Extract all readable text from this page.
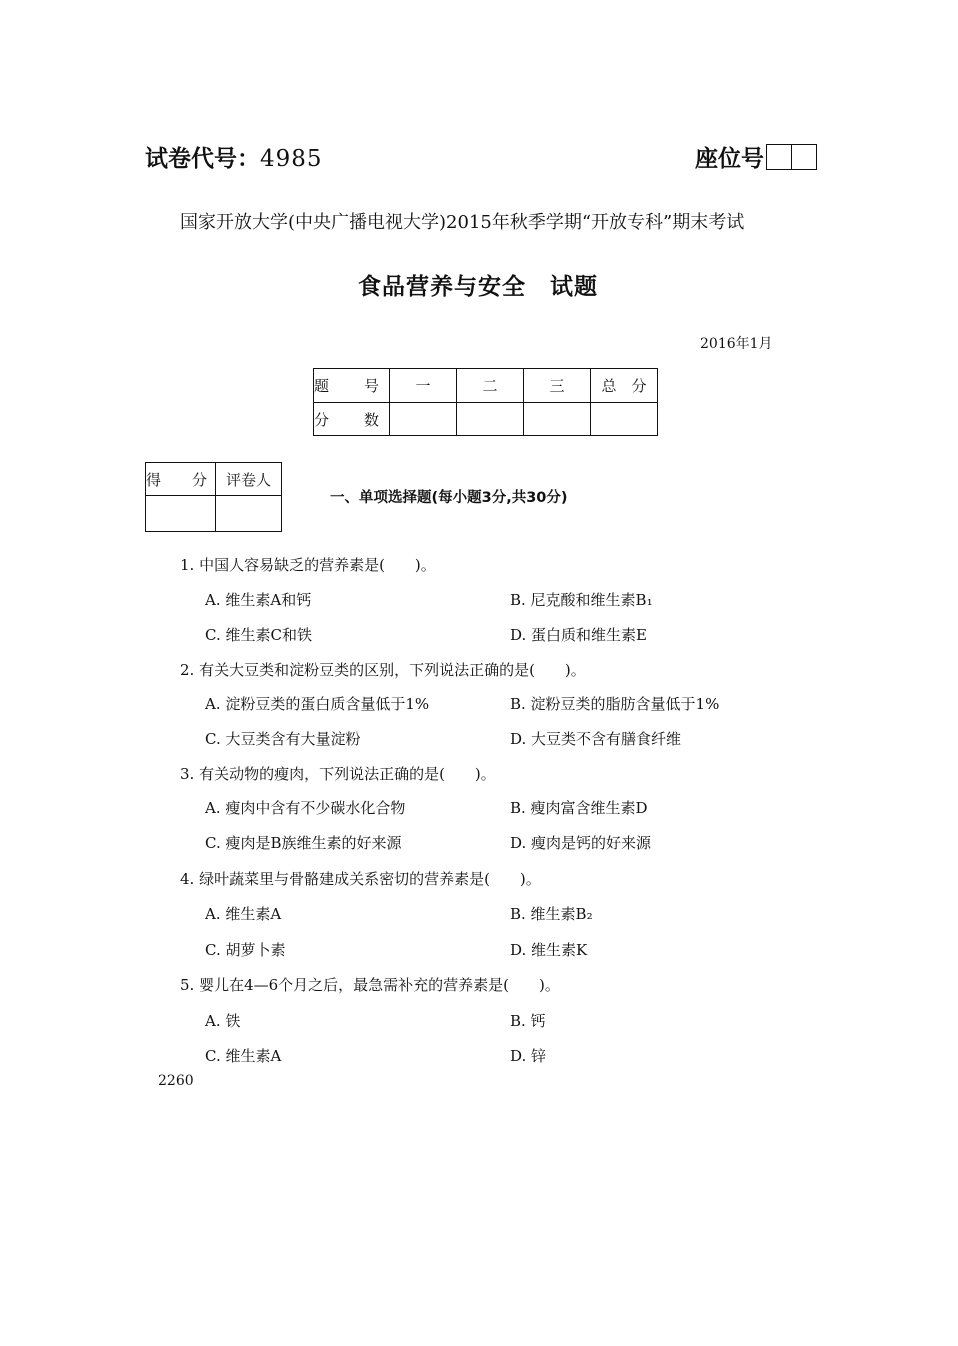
试卷代号：4985	座位号
国家开放大学(中央广播电视大学)2015年秋季学期“开放专科”期末考试
食品营养与安全　试题
2016年1月
题　号	一	二	三	总　分
分　数				
得　分	评卷人

一、单项选择题(每小题3分,共30分)
1. 中国人容易缺乏的营养素是(　　)。
A. 维生素A和钙	B. 尼克酸和维生素B₁
C. 维生素C和铁	D. 蛋白质和维生素E
2. 有关大豆类和淀粉豆类的区别，下列说法正确的是(　　)。
A. 淀粉豆类的蛋白质含量低于1%	B. 淀粉豆类的脂肪含量低于1%
C. 大豆类含有大量淀粉	D. 大豆类不含有膳食纤维
3. 有关动物的瘦肉，下列说法正确的是(　　)。
A. 瘦肉中含有不少碳水化合物	B. 瘦肉富含维生素D
C. 瘦肉是B族维生素的好来源	D. 瘦肉是钙的好来源
4. 绿叶蔬菜里与骨骼建成关系密切的营养素是(　　)。
A. 维生素A	B. 维生素B₂
C. 胡萝卜素	D. 维生素K
5. 婴儿在4—6个月之后，最急需补充的营养素是(　　)。
A. 铁	B. 钙
C. 维生素A	D. 锌
2260
